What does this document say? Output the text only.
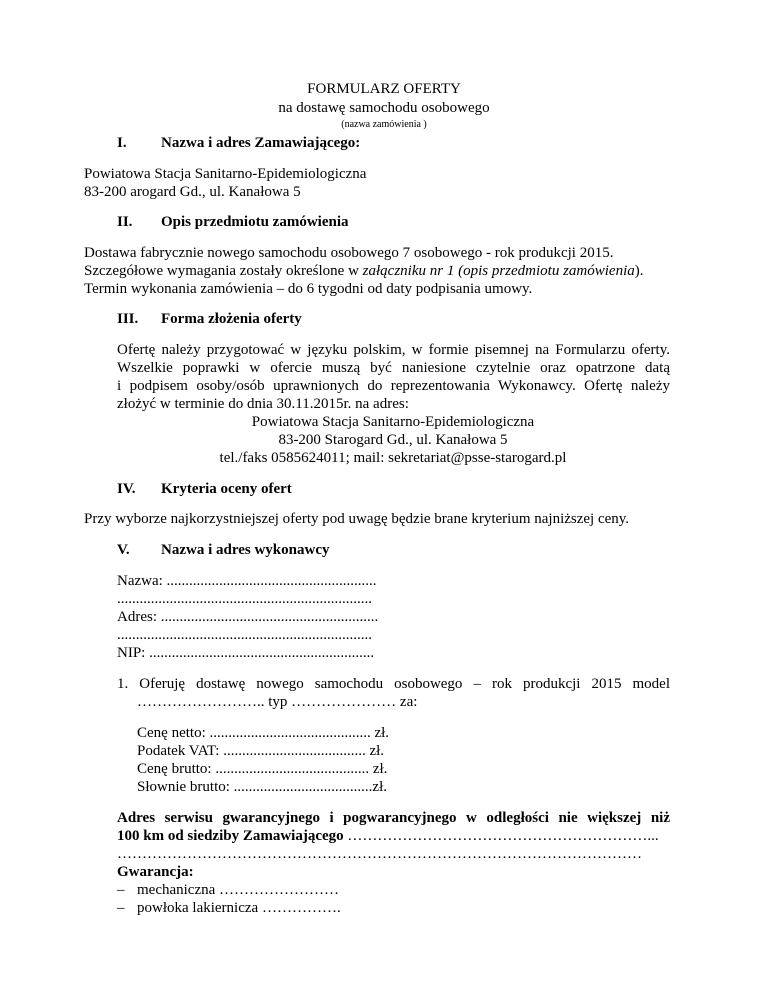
FORMULARZ OFERTY
na dostawę samochodu osobowego
(nazwa zamówienia )
I. Nazwa i adres Zamawiającego:
Powiatowa Stacja Sanitarno-Epidemiologiczna
83-200 arogard Gd., ul. Kanałowa 5
II. Opis przedmiotu zamówienia
Dostawa fabrycznie nowego samochodu osobowego 7 osobowego - rok produkcji 2015.
Szczegółowe wymagania zostały określone w załączniku nr 1 (opis przedmiotu zamówienia).
Termin wykonania zamówienia – do 6 tygodni od daty podpisania umowy.
III. Forma złożenia oferty
Ofertę należy przygotować w języku polskim, w formie pisemnej na Formularzu oferty.
Wszelkie poprawki w ofercie muszą być naniesione czytelnie oraz opatrzone datą
i podpisem osoby/osób uprawnionych do reprezentowania Wykonawcy. Ofertę należy
złożyć w terminie do dnia 30.11.2015r. na adres:
Powiatowa Stacja Sanitarno-Epidemiologiczna
83-200 Starogard Gd., ul. Kanałowa 5
tel./faks 0585624011; mail: sekretariat@psse-starogard.pl
IV. Kryteria oceny ofert
Przy wyborze najkorzystniejszej oferty pod uwagę będzie brane kryterium najniższej ceny.
V. Nazwa i adres wykonawcy
Nazwa: ........................................................
....................................................................
Adres: ..........................................................
....................................................................
NIP: ............................................................
1. Oferuję dostawę nowego samochodu osobowego – rok produkcji 2015 model
…………………….. typ ………………… za:
Cenę netto: ........................................... zł.
Podatek VAT: ...................................... zł.
Cenę brutto: ......................................... zł.
Słownie brutto: .....................................zł.
Adres serwisu gwarancyjnego i pogwarancyjnego w odległości nie większej niż
100 km od siedziby Zamawiającego ……………………………………………………...
……………………………………………………………………………………………
Gwarancja:
– mechaniczna ……………………
– powłoka lakiernicza …………….
